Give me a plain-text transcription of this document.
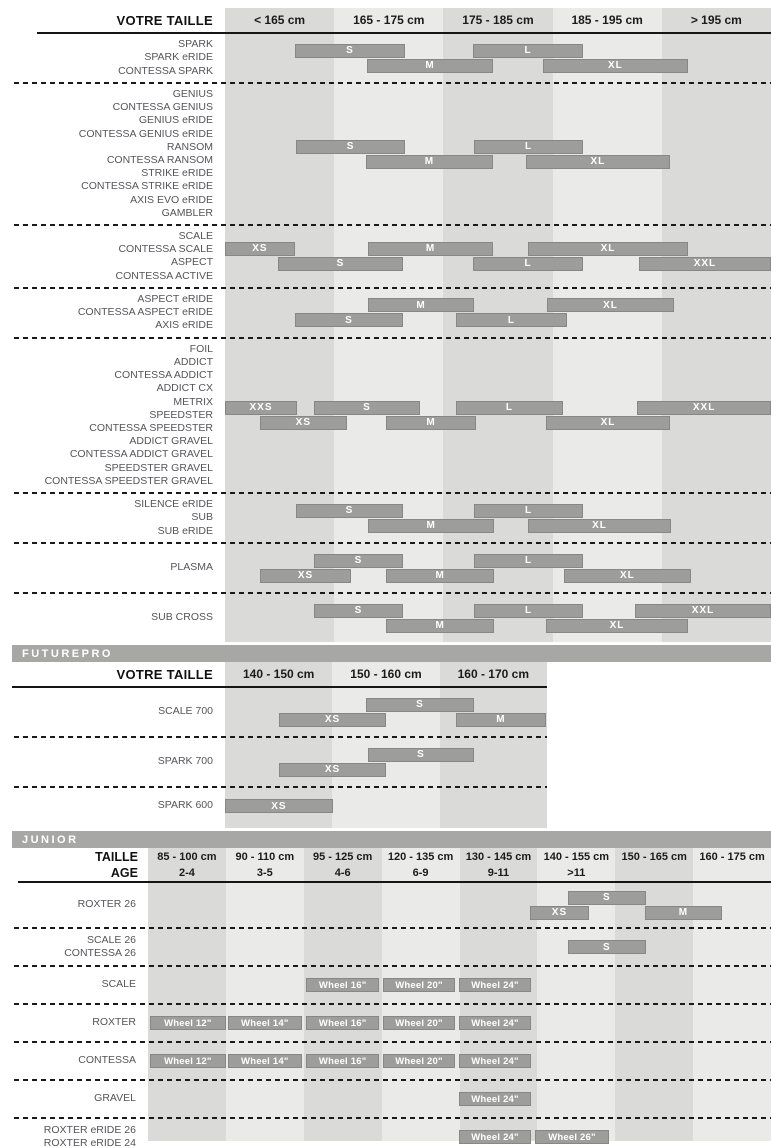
VOTRE TAILLE	< 165 cm	165 - 175 cm	175 - 185 cm	185 - 195 cm	> 195 cm
SPARK
SPARK eRIDE
CONTESSA SPARK
S	L
M	XL
GENIUS
CONTESSA GENIUS
GENIUS eRIDE
CONTESSA GENIUS eRIDE
RANSOM
CONTESSA RANSOM
STRIKE eRIDE
CONTESSA STRIKE eRIDE
AXIS EVO eRIDE
GAMBLER
S	L
M	XL
SCALE
CONTESSA SCALE
ASPECT
CONTESSA ACTIVE
XS	M	XL
S	L	XXL
ASPECT eRIDE
CONTESSA ASPECT eRIDE
AXIS eRIDE
M	XL
S	L
FOIL
ADDICT
CONTESSA ADDICT
ADDICT CX
METRIX
SPEEDSTER
CONTESSA SPEEDSTER
ADDICT GRAVEL
CONTESSA ADDICT GRAVEL
SPEEDSTER GRAVEL
CONTESSA SPEEDSTER GRAVEL
XXS	S	L	XXL
XS	M	XL
SILENCE eRIDE
SUB
SUB eRIDE
S	L
M	XL
PLASMA
S	L
XS	M	XL
SUB CROSS
S	L	XXL
M	XL
FUTUREPRO
VOTRE TAILLE	140 - 150 cm	150 - 160 cm	160 - 170 cm
SCALE 700
S
XS	M
SPARK 700
S
XS
SPARK 600	XS
JUNIOR
TAILLE	85 - 100 cm	90 - 110 cm	95 - 125 cm	120 - 135 cm	130 - 145 cm	140 - 155 cm	150 - 165 cm	160 - 175 cm
AGE	2-4	3-5	4-6	6-9	9-11	>11
ROXTER 26
S
XS	M
SCALE 26
CONTESSA 26	S
SCALE	Wheel 16"	Wheel 20"	Wheel 24"
ROXTER	Wheel 12"	Wheel 14"	Wheel 16"	Wheel 20"	Wheel 24"
CONTESSA	Wheel 12"	Wheel 14"	Wheel 16"	Wheel 20"	Wheel 24"
GRAVEL	Wheel 24"
ROXTER eRIDE 26
ROXTER eRIDE 24	Wheel 24"	Wheel 26"
